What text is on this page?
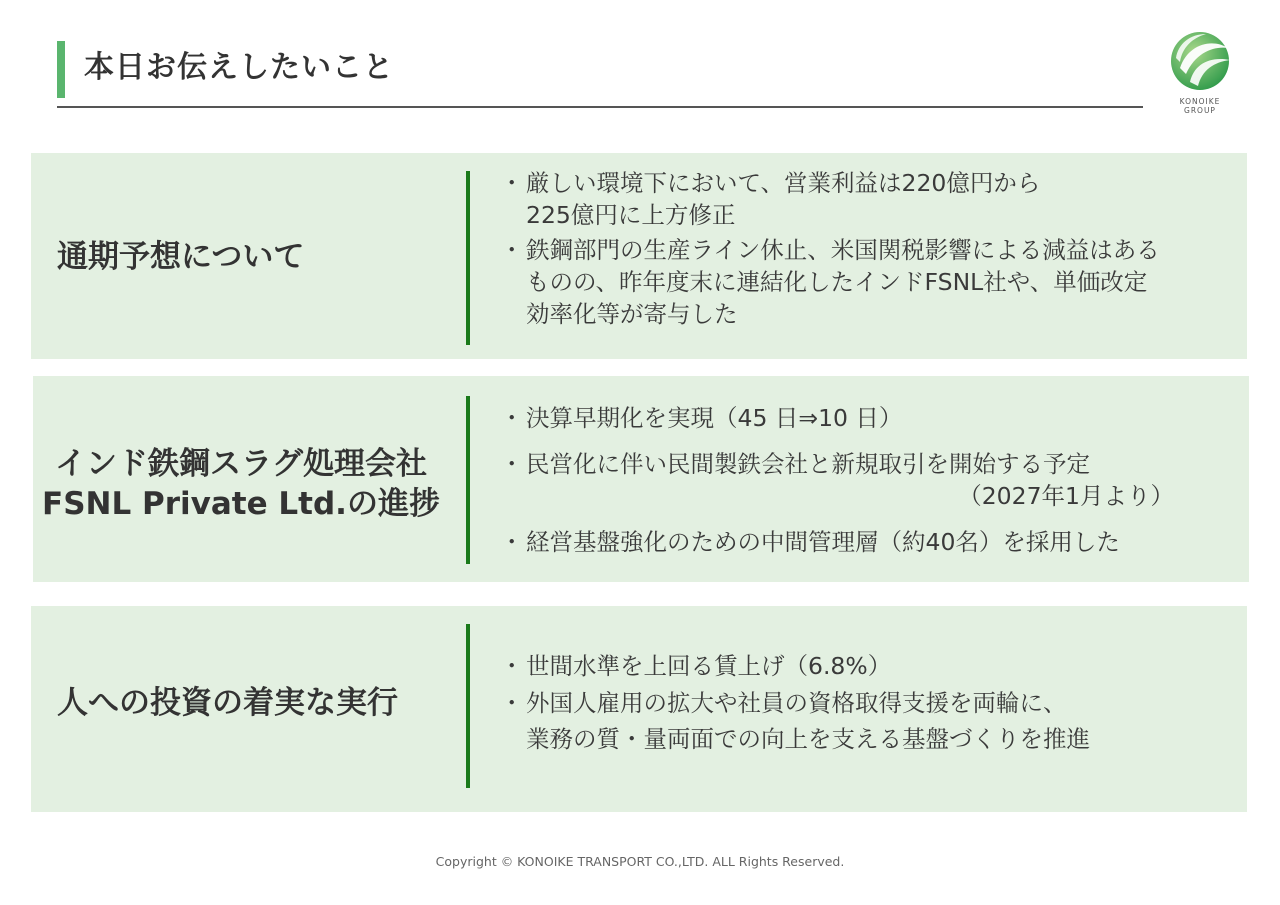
本日お伝えしたいこと
KONOIKE
GROUP
通期予想について
・ 厳しい環境下において、営業利益は220億円から
225億円に上方修正
・ 鉄鋼部門の生産ライン休止、米国関税影響による減益はある
ものの、昨年度末に連結化したインドFSNL社や、単価改定
効率化等が寄与した
インド鉄鋼スラグ処理会社
FSNL Private Ltd.の進捗
・ 決算早期化を実現（45 日⇒10 日）
・ 民営化に伴い民間製鉄会社と新規取引を開始する予定
（2027年1月より）
・ 経営基盤強化のための中間管理層（約40名）を採用した
人への投資の着実な実行
・ 世間水準を上回る賃上げ（6.8%）
・ 外国人雇用の拡大や社員の資格取得支援を両輪に、
業務の質・量両面での向上を支える基盤づくりを推進
Copyright © KONOIKE TRANSPORT CO.,LTD. ALL Rights Reserved.
